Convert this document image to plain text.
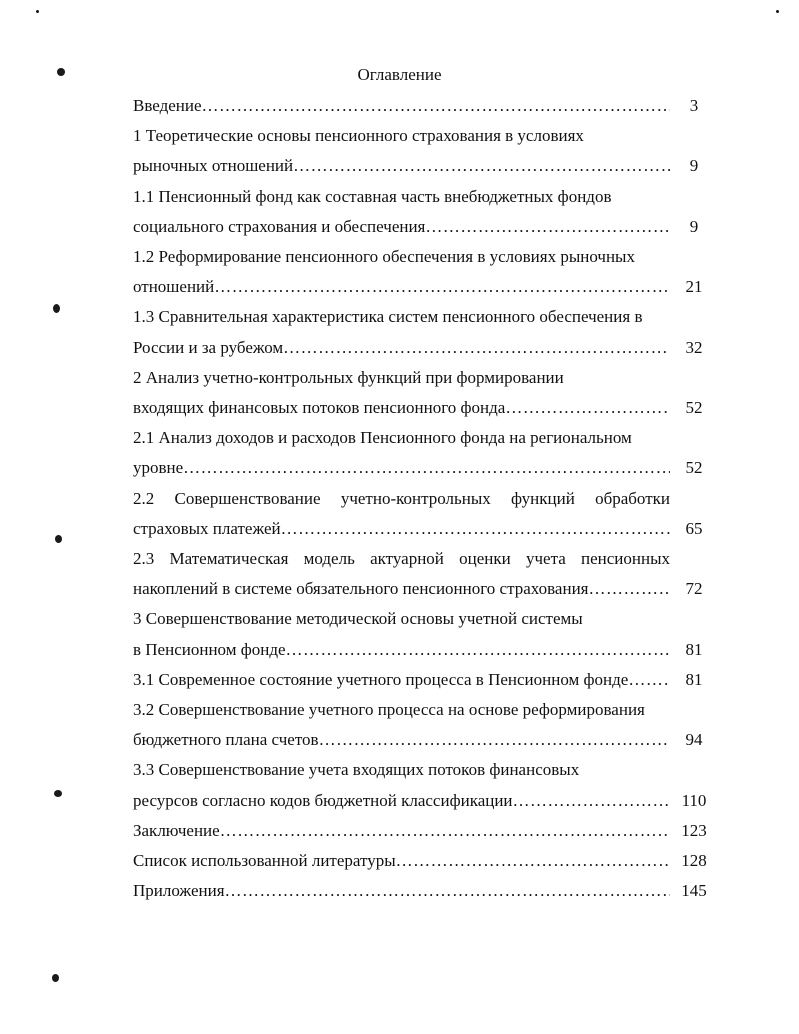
Оглавление
Введение ……………………………………………………………………………………………………………………………………………………………………………………	3
1 Теоретические основы пенсионного страхования в условиях
рыночных отношений ……………………………………………………………………………………………………………………………………………………………………………………	9
1.1 Пенсионный фонд как составная часть внебюджетных фондов
социального страхования и обеспечения ……………………………………………………………………………………………………………………………………………………………………………………	9
1.2 Реформирование пенсионного обеспечения в условиях рыночных
отношений ……………………………………………………………………………………………………………………………………………………………………………………	21
1.3 Сравнительная характеристика систем пенсионного обеспечения в
России и за рубежом ……………………………………………………………………………………………………………………………………………………………………………………	32
2 Анализ учетно-контрольных функций при формировании
входящих финансовых потоков пенсионного фонда ……………………………………………………………………………………………………………………………………………………………………………………	52
2.1 Анализ доходов и расходов Пенсионного фонда на региональном
уровне ……………………………………………………………………………………………………………………………………………………………………………………	52
2.2 Совершенствование учетно-контрольных функций обработки
страховых платежей ……………………………………………………………………………………………………………………………………………………………………………………	65
2.3 Математическая модель актуарной оценки учета пенсионных
накоплений в системе обязательного пенсионного страхования ……………………………………………………………………………………………………………………………………………………………………………………	72
3 Совершенствование методической основы учетной системы
в Пенсионном фонде ……………………………………………………………………………………………………………………………………………………………………………………	81
3.1 Современное состояние учетного процесса в Пенсионном фонде ……………………………………………………………………………………………………………………………………………………………………………………	81
3.2 Совершенствование учетного процесса на основе реформирования
бюджетного плана счетов ……………………………………………………………………………………………………………………………………………………………………………………	94
3.3 Совершенствование учета входящих потоков финансовых
ресурсов согласно кодов бюджетной классификации ……………………………………………………………………………………………………………………………………………………………………………………	110
Заключение ……………………………………………………………………………………………………………………………………………………………………………………	123
Список использованной литературы ……………………………………………………………………………………………………………………………………………………………………………………	128
Приложения ……………………………………………………………………………………………………………………………………………………………………………………	145
